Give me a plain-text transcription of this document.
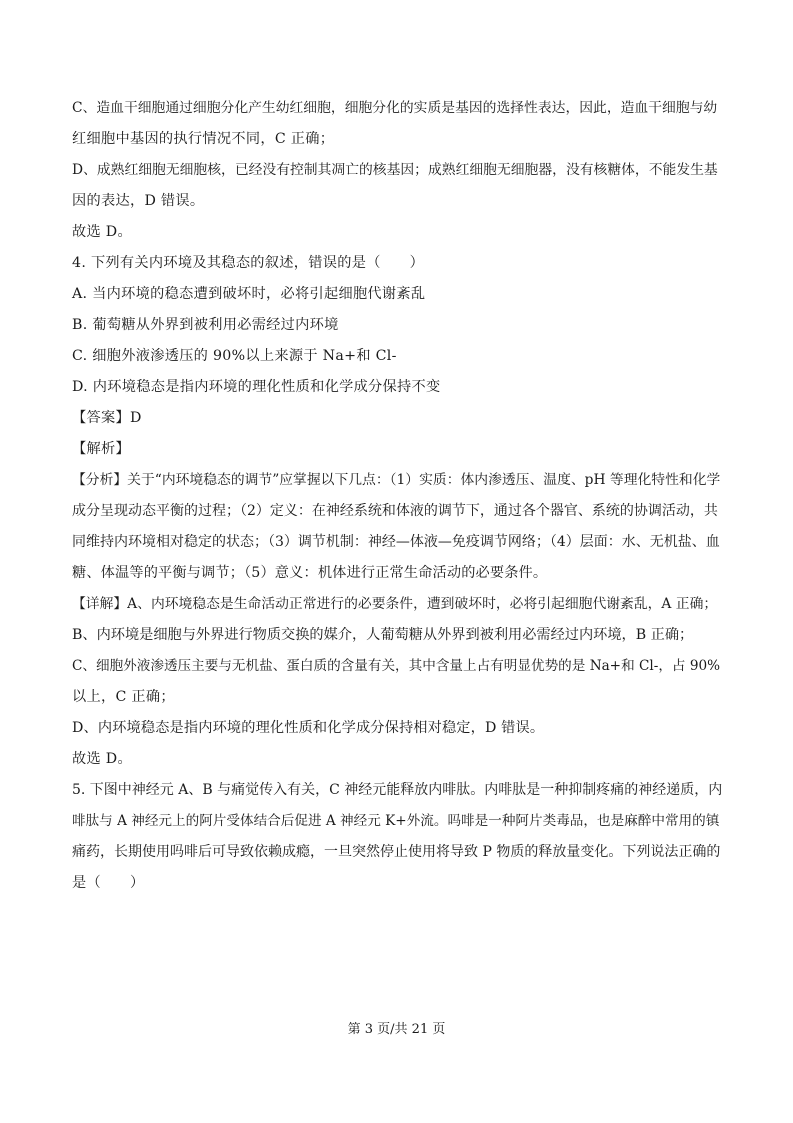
C、造血干细胞通过细胞分化产生幼红细胞，细胞分化的实质是基因的选择性表达，因此，造血干细胞与幼
红细胞中基因的执行情况不同，C 正确；
D、成熟红细胞无细胞核，已经没有控制其凋亡的核基因；成熟红细胞无细胞器，没有核糖体，不能发生基
因的表达，D 错误。
故选 D。
4. 下列有关内环境及其稳态的叙述，错误的是（　　）
A. 当内环境的稳态遭到破坏时，必将引起细胞代谢紊乱
B. 葡萄糖从外界到被利用必需经过内环境
C. 细胞外液渗透压的 90%以上来源于 Na+和 Cl-
D. 内环境稳态是指内环境的理化性质和化学成分保持不变
【答案】D
【解析】
【分析】关于“内环境稳态的调节”应掌握以下几点：（1）实质：体内渗透压、温度、pH 等理化特性和化学
成分呈现动态平衡的过程；（2）定义：在神经系统和体液的调节下，通过各个器官、系统的协调活动，共
同维持内环境相对稳定的状态；（3）调节机制：神经—体液—免疫调节网络；（4）层面：水、无机盐、血
糖、体温等的平衡与调节；（5）意义：机体进行正常生命活动的必要条件。
【详解】A、内环境稳态是生命活动正常进行的必要条件，遭到破坏时，必将引起细胞代谢紊乱，A 正确；
B、内环境是细胞与外界进行物质交换的媒介，人葡萄糖从外界到被利用必需经过内环境，B 正确；
C、细胞外液渗透压主要与无机盐、蛋白质的含量有关，其中含量上占有明显优势的是 Na+和 Cl-，占 90%
以上，C 正确；
D、内环境稳态是指内环境的理化性质和化学成分保持相对稳定，D 错误。
故选 D。
5. 下图中神经元 A、B 与痛觉传入有关，C 神经元能释放内啡肽。内啡肽是一种抑制疼痛的神经递质，内
啡肽与 A 神经元上的阿片受体结合后促进 A 神经元 K+外流。吗啡是一种阿片类毒品，也是麻醉中常用的镇
痛药，长期使用吗啡后可导致依赖成瘾，一旦突然停止使用将导致 P 物质的释放量变化。下列说法正确的
是（　　）
第 3 页/共 21 页
